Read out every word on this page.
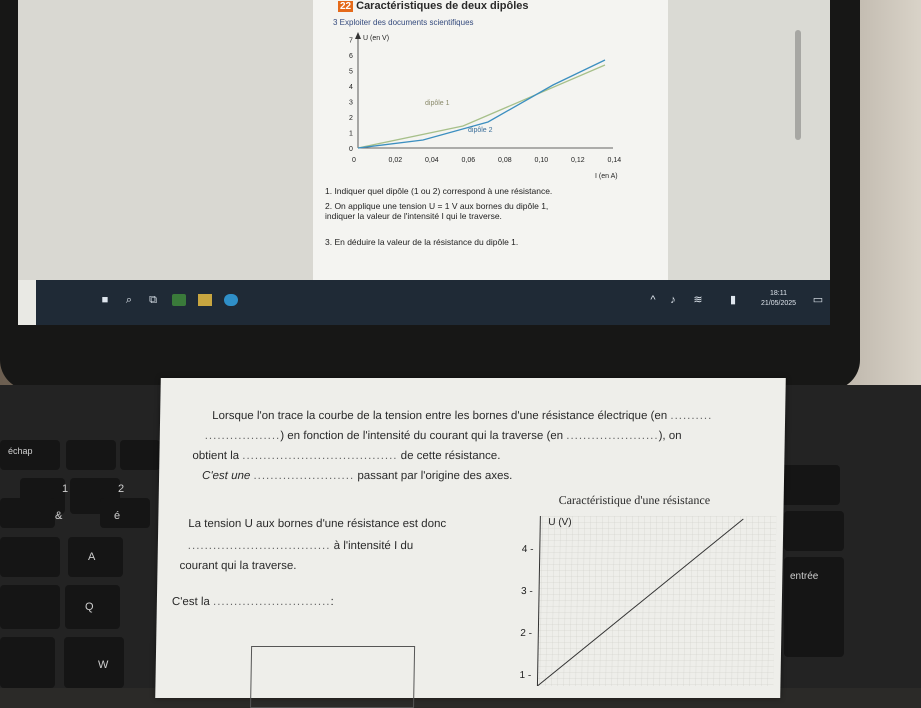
22 Caractéristiques de deux dipôles
3 Exploiter des documents scientifiques
U (en V)
I (en A)
7
6
5
4
3
2
1
0
0	0,02	0,04	0,06	0,08	0,10	0,12	0,14
dipôle 1
dipôle 2
1. Indiquer quel dipôle (1 ou 2) correspond à une résistance.
2. On applique une tension U = 1 V aux bornes du dipôle 1,
indiquer la valeur de l'intensité I qui le traverse.
3. En déduire la valeur de la résistance du dipôle 1.
■	⌕	⧉	^	♪	≋	▮
18:11
21/05/2025 ▭
échap
1	2
&	é
A
Q
W
entrée
Lorsque l'on trace la courbe de la tension entre les bornes d'une résistance électrique (en ..........
..................) en fonction de l'intensité du courant qui la traverse (en ......................), on
obtient la ..................................... de cette résistance.
C'est une ........................ passant par l'origine des axes.
La tension U aux bornes d'une résistance est donc
.................................. à l'intensité I du
courant qui la traverse.
C'est la ............................:
Caractéristique d'une résistance
U (V)
4 -
3 -
2 -
1 -
